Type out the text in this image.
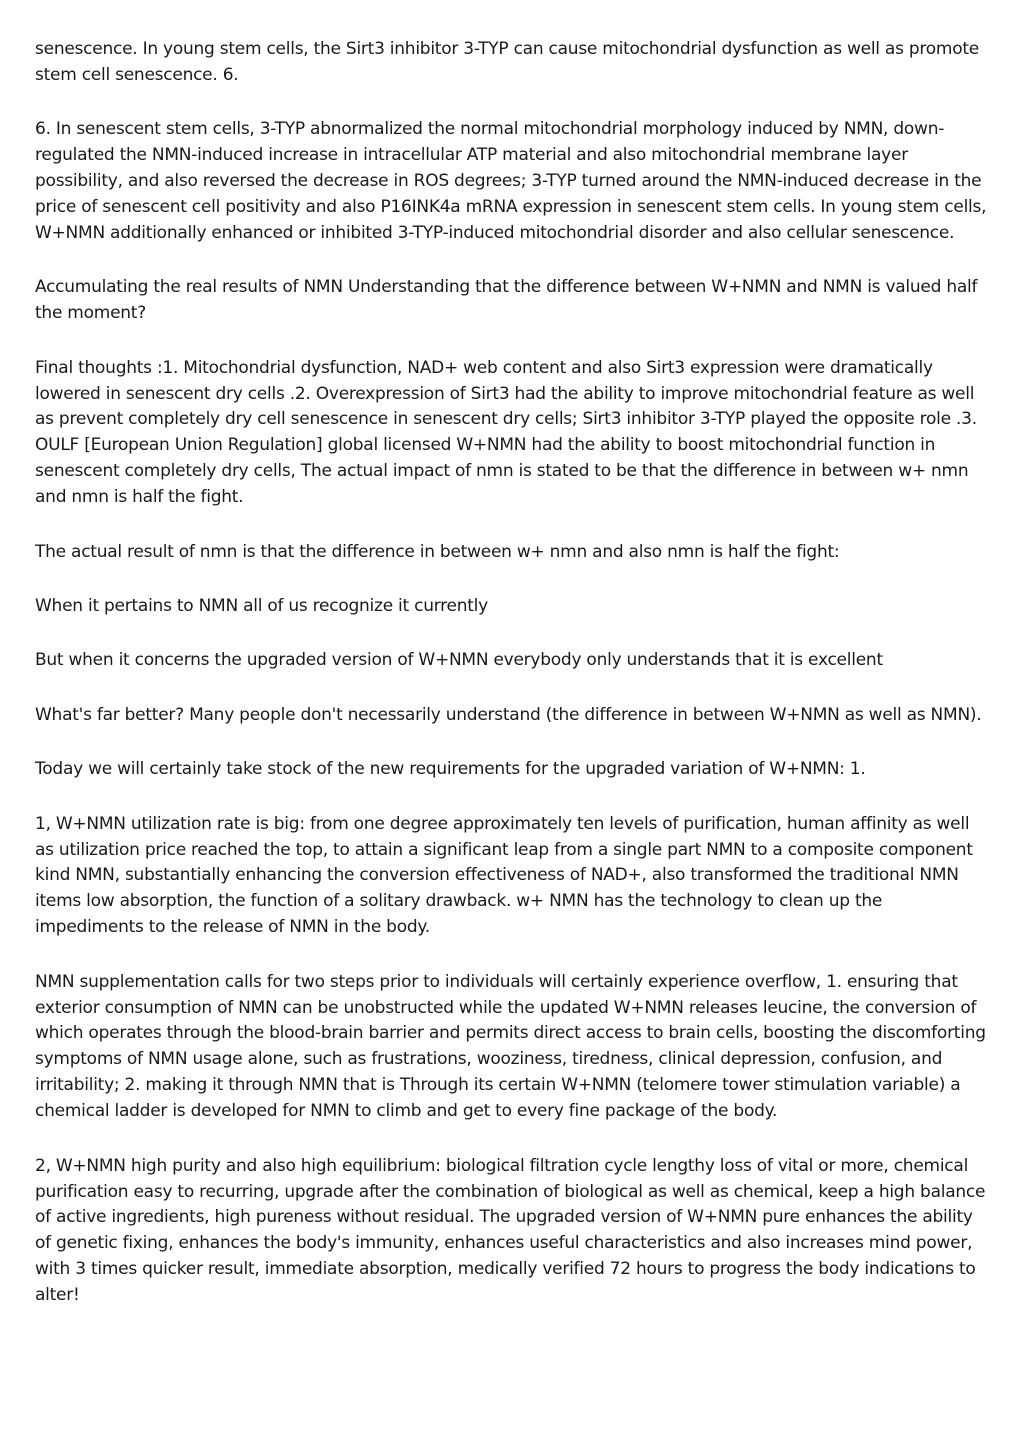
senescence. In young stem cells, the Sirt3 inhibitor 3-TYP can cause mitochondrial dysfunction as well as promote stem cell senescence. 6.

6. In senescent stem cells, 3-TYP abnormalized the normal mitochondrial morphology induced by NMN, down-regulated the NMN-induced increase in intracellular ATP material and also mitochondrial membrane layer possibility, and also reversed the decrease in ROS degrees; 3-TYP turned around the NMN-induced decrease in the price of senescent cell positivity and also P16INK4a mRNA expression in senescent stem cells. In young stem cells, W+NMN additionally enhanced or inhibited 3-TYP-induced mitochondrial disorder and also cellular senescence.

Accumulating the real results of NMN Understanding that the difference between W+NMN and NMN is valued half the moment?

Final thoughts :1. Mitochondrial dysfunction, NAD+ web content and also Sirt3 expression were dramatically lowered in senescent dry cells .2. Overexpression of Sirt3 had the ability to improve mitochondrial feature as well as prevent completely dry cell senescence in senescent dry cells; Sirt3 inhibitor 3-TYP played the opposite role .3. OULF [European Union Regulation] global licensed W+NMN had the ability to boost mitochondrial function in senescent completely dry cells, The actual impact of nmn is stated to be that the difference in between w+ nmn and nmn is half the fight.

The actual result of nmn is that the difference in between w+ nmn and also nmn is half the fight:

When it pertains to NMN all of us recognize it currently

But when it concerns the upgraded version of W+NMN everybody only understands that it is excellent

What's far better? Many people don't necessarily understand (the difference in between W+NMN as well as NMN).

Today we will certainly take stock of the new requirements for the upgraded variation of W+NMN: 1.

1, W+NMN utilization rate is big: from one degree approximately ten levels of purification, human affinity as well as utilization price reached the top, to attain a significant leap from a single part NMN to a composite component kind NMN, substantially enhancing the conversion effectiveness of NAD+, also transformed the traditional NMN items low absorption, the function of a solitary drawback. w+ NMN has the technology to clean up the impediments to the release of NMN in the body.

NMN supplementation calls for two steps prior to individuals will certainly experience overflow, 1. ensuring that exterior consumption of NMN can be unobstructed while the updated W+NMN releases leucine, the conversion of which operates through the blood-brain barrier and permits direct access to brain cells, boosting the discomforting symptoms of NMN usage alone, such as frustrations, wooziness, tiredness, clinical depression, confusion, and irritability; 2. making it through NMN that is Through its certain W+NMN (telomere tower stimulation variable) a chemical ladder is developed for NMN to climb and get to every fine package of the body.

2, W+NMN high purity and also high equilibrium: biological filtration cycle lengthy loss of vital or more, chemical purification easy to recurring, upgrade after the combination of biological as well as chemical, keep a high balance of active ingredients, high pureness without residual. The upgraded version of W+NMN pure enhances the ability of genetic fixing, enhances the body's immunity, enhances useful characteristics and also increases mind power, with 3 times quicker result, immediate absorption, medically verified 72 hours to progress the body indications to alter!
